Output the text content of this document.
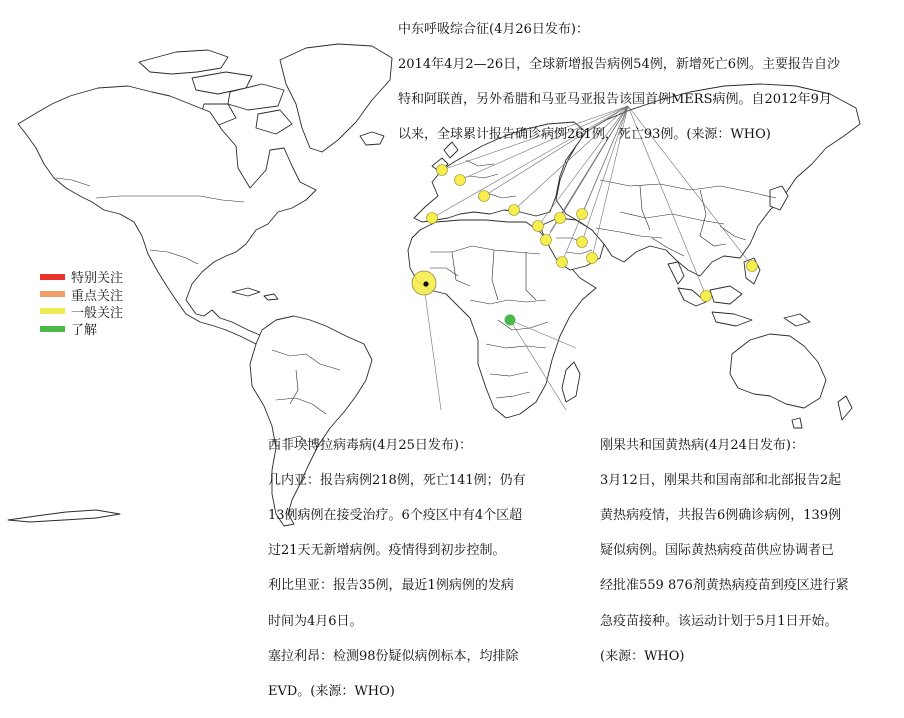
特别关注
重点关注
一般关注
了解

中东呼吸综合征(4月26日发布)：

2014年4月2—26日，全球新增报告病例54例，新增死亡6例。主要报告自沙

特和阿联酋，另外希腊和马亚马亚报告该国首例MERS病例。自2012年9月

以来，全球累计报告确诊病例261例，死亡93例。(来源：WHO)

西非埃博拉病毒病(4月25日发布)：

几内亚：报告病例218例，死亡141例；仍有

13例病例在接受治疗。6个疫区中有4个区超

过21天无新增病例。疫情得到初步控制。

利比里亚：报告35例，最近1例病例的发病

时间为4月6日。

塞拉利昂：检测98份疑似病例标本，均排除

EVD。(来源：WHO)

刚果共和国黄热病(4月24日发布)：

3月12日，刚果共和国南部和北部报告2起

黄热病疫情，共报告6例确诊病例，139例

疑似病例。国际黄热病疫苗供应协调者已

经批准559 876剂黄热病疫苗到疫区进行紧

急疫苗接种。该运动计划于5月1日开始。

(来源：WHO)
